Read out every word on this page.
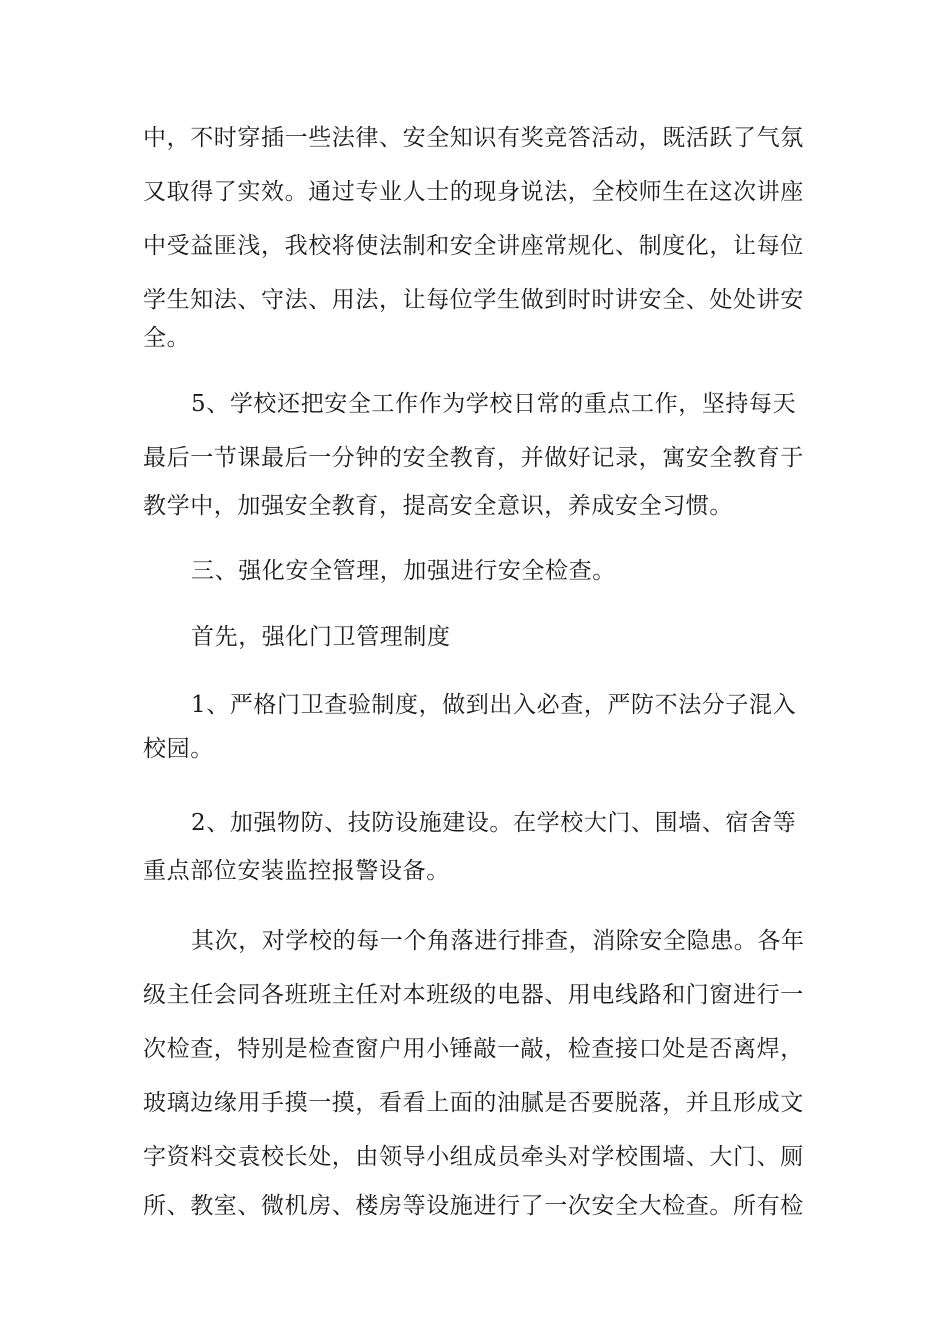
中，不时穿插一些法律、安全知识有奖竞答活动，既活跃了气氛
又取得了实效。通过专业人士的现身说法，全校师生在这次讲座
中受益匪浅，我校将使法制和安全讲座常规化、制度化，让每位
学生知法、守法、用法，让每位学生做到时时讲安全、处处讲安
全。
5、学校还把安全工作作为学校日常的重点工作，坚持每天
最后一节课最后一分钟的安全教育，并做好记录，寓安全教育于
教学中，加强安全教育，提高安全意识，养成安全习惯。
三、强化安全管理，加强进行安全检查。
首先，强化门卫管理制度
1、严格门卫查验制度，做到出入必查，严防不法分子混入
校园。
2、加强物防、技防设施建设。在学校大门、围墙、宿舍等
重点部位安装监控报警设备。
其次，对学校的每一个角落进行排查，消除安全隐患。各年
级主任会同各班班主任对本班级的电器、用电线路和门窗进行一
次检查，特别是检查窗户用小锤敲一敲，检查接口处是否离焊，
玻璃边缘用手摸一摸，看看上面的油腻是否要脱落，并且形成文
字资料交袁校长处，由领导小组成员牵头对学校围墙、大门、厕
所、教室、微机房、楼房等设施进行了一次安全大检查。所有检
